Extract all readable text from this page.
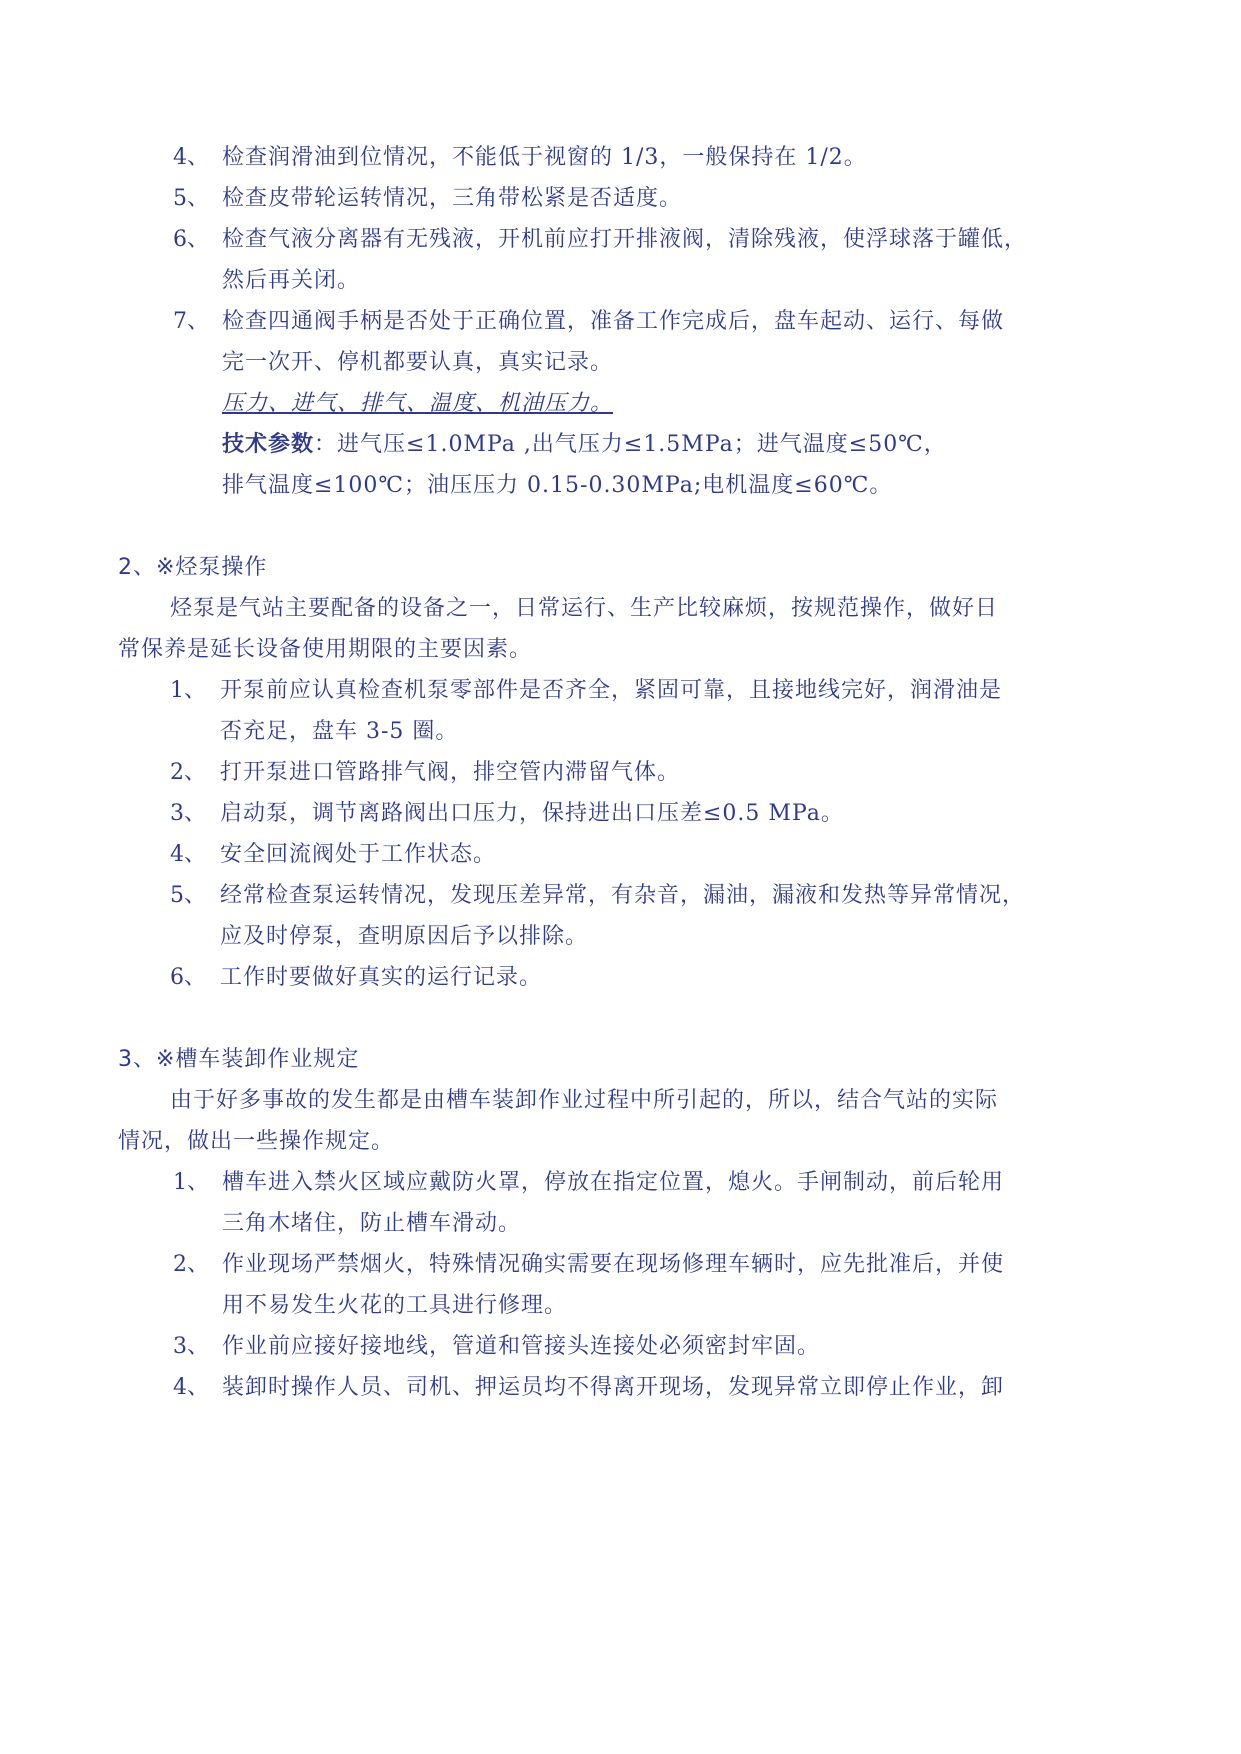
4、 检查润滑油到位情况，不能低于视窗的 1/3，一般保持在 1/2。
5、 检查皮带轮运转情况，三角带松紧是否适度。
6、 检查气液分离器有无残液，开机前应打开排液阀，清除残液，使浮球落于罐低，
然后再关闭。
7、 检查四通阀手柄是否处于正确位置，准备工作完成后，盘车起动、运行、每做
完一次开、停机都要认真，真实记录。
压力、进气、排气、温度、机油压力。
技术参数：进气压≤1.0MPa ,出气压力≤1.5MPa；进气温度≤50℃，
排气温度≤100℃；油压压力 0.15-0.30MPa;电机温度≤60℃。
2、※烃泵操作
烃泵是气站主要配备的设备之一，日常运行、生产比较麻烦，按规范操作，做好日
常保养是延长设备使用期限的主要因素。
1、 开泵前应认真检查机泵零部件是否齐全，紧固可靠，且接地线完好，润滑油是
否充足，盘车 3-5 圈。
2、 打开泵进口管路排气阀，排空管内滞留气体。
3、 启动泵，调节离路阀出口压力，保持进出口压差≤0.5 MPa。
4、 安全回流阀处于工作状态。
5、 经常检查泵运转情况，发现压差异常，有杂音，漏油，漏液和发热等异常情况，
应及时停泵，查明原因后予以排除。
6、 工作时要做好真实的运行记录。
3、※槽车装卸作业规定
由于好多事故的发生都是由槽车装卸作业过程中所引起的，所以，结合气站的实际
情况，做出一些操作规定。
1、 槽车进入禁火区域应戴防火罩，停放在指定位置，熄火。手闸制动，前后轮用
三角木堵住，防止槽车滑动。
2、 作业现场严禁烟火，特殊情况确实需要在现场修理车辆时，应先批准后，并使
用不易发生火花的工具进行修理。
3、 作业前应接好接地线，管道和管接头连接处必须密封牢固。
4、 装卸时操作人员、司机、押运员均不得离开现场，发现异常立即停止作业，卸
